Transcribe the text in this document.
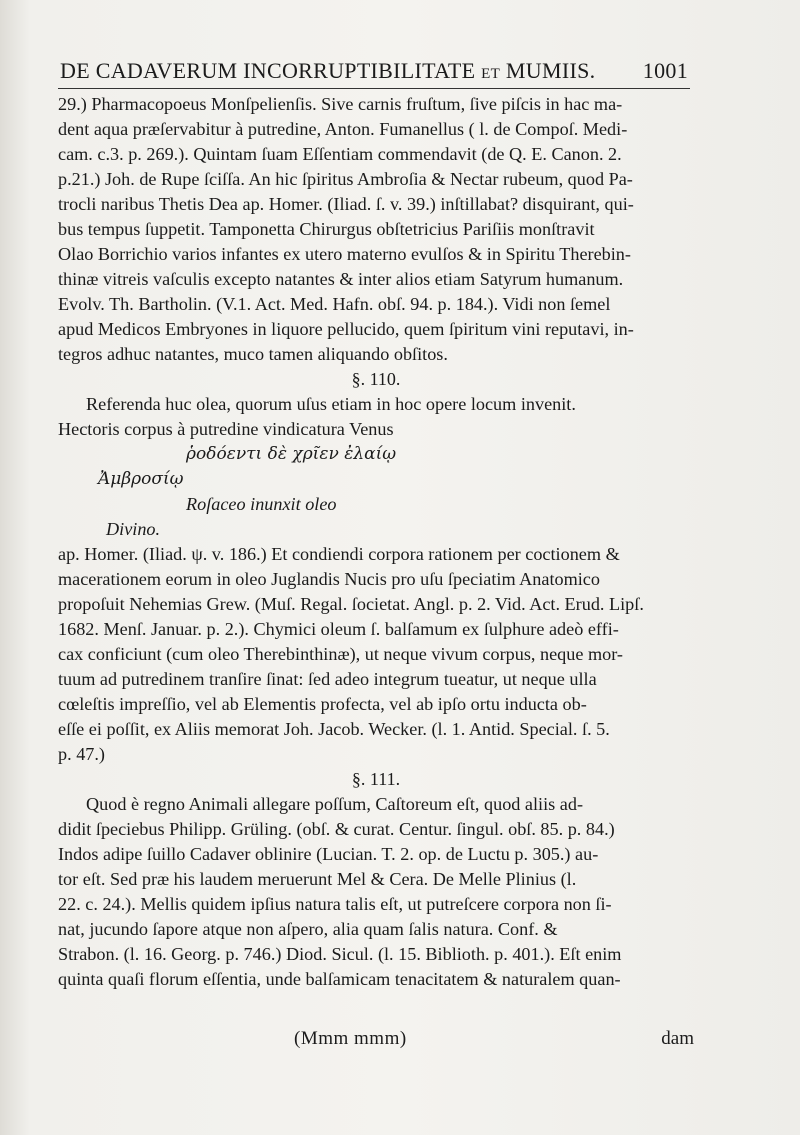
DE CADAVERUM INCORRUPTIBILITATE ET MUMIIS. 1001
29.) Pharmacopoeus Monſpelienſis. Sive carnis fruſtum, ſive piſcis in hac ma-
dent aqua præſervabitur à putredine, Anton. Fumanellus ( l. de Compoſ. Medi-
cam. c.3. p. 269.). Quintam ſuam Eſſentiam commendavit (de Q. E. Canon. 2.
p.21.) Joh. de Rupe ſciſſa. An hic ſpiritus Ambroſia & Nectar rubeum, quod Pa-
trocli naribus Thetis Dea ap. Homer. (Iliad. ſ. v. 39.) inſtillabat? disquirant, qui-
bus tempus ſuppetit. Tamponetta Chirurgus obſtetricius Pariſiis monſtravit
Olao Borrichio varios infantes ex utero materno evulſos & in Spiritu Therebin-
thinæ vitreis vaſculis excepto natantes & inter alios etiam Satyrum humanum.
Evolv. Th. Bartholin. (V.1. Act. Med. Hafn. obſ. 94. p. 184.). Vidi non ſemel
apud Medicos Embryones in liquore pellucido, quem ſpiritum vini reputavi, in-
tegros adhuc natantes, muco tamen aliquando obſitos.
§. 110.
Referenda huc olea, quorum uſus etiam in hoc opere locum invenit.
Hectoris corpus à putredine vindicatura Venus
ῥοδόεντι δὲ χρῖεν ἐλαίῳ
Ἀμβροσίῳ
Roſaceo inunxit oleo
Divino.
ap. Homer. (Iliad. ψ. v. 186.) Et condiendi corpora rationem per coctionem &
macerationem eorum in oleo Juglandis Nucis pro uſu ſpeciatim Anatomico
propoſuit Nehemias Grew. (Muſ. Regal. ſocietat. Angl. p. 2. Vid. Act. Erud. Lipſ.
1682. Menſ. Januar. p. 2.). Chymici oleum ſ. balſamum ex ſulphure adeò effi-
cax conficiunt (cum oleo Therebinthinæ), ut neque vivum corpus, neque mor-
tuum ad putredinem tranſire ſinat: ſed adeo integrum tueatur, ut neque ulla
cœleſtis impreſſio, vel ab Elementis profecta, vel ab ipſo ortu inducta ob-
eſſe ei poſſit, ex Aliis memorat Joh. Jacob. Wecker. (l. 1. Antid. Special. ſ. 5.
p. 47.)
§. 111.
Quod è regno Animali allegare poſſum, Caſtoreum eſt, quod aliis ad-
didit ſpeciebus Philipp. Grüling. (obſ. & curat. Centur. ſingul. obſ. 85. p. 84.)
Indos adipe ſuillo Cadaver oblinire (Lucian. T. 2. op. de Luctu p. 305.) au-
tor eſt. Sed præ his laudem meruerunt Mel & Cera. De Melle Plinius (l.
22. c. 24.). Mellis quidem ipſius natura talis eſt, ut putreſcere corpora non ſi-
nat, jucundo ſapore atque non aſpero, alia quam ſalis natura. Conf. &
Strabon. (l. 16. Georg. p. 746.) Diod. Sicul. (l. 15. Biblioth. p. 401.). Eſt enim
quinta quaſi florum eſſentia, unde balſamicam tenacitatem & naturalem quan-
(Mmm mmm)	dam
